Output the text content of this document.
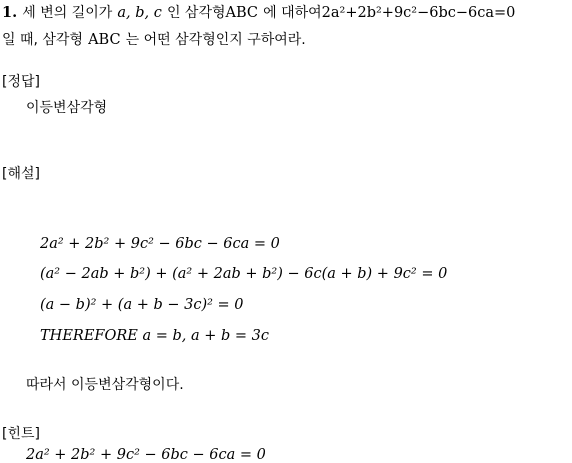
1. 세 변의 길이가 a, b, c 인 삼각형ABC 에 대하여2a²+2b²+9c²−6bc−6ca=0
일 때, 삼각형 ABC 는 어떤 삼각형인지 구하여라.
[정답]
이등변삼각형
[해설]
2a² + 2b² + 9c² − 6bc − 6ca = 0
(a² − 2ab + b²) + (a² + 2ab + b²) − 6c(a + b) + 9c² = 0
(a − b)² + (a + b − 3c)² = 0
THEREFORE a = b, a + b = 3c
따라서 이등변삼각형이다.
[힌트]
2a² + 2b² + 9c² − 6bc − 6ca = 0
